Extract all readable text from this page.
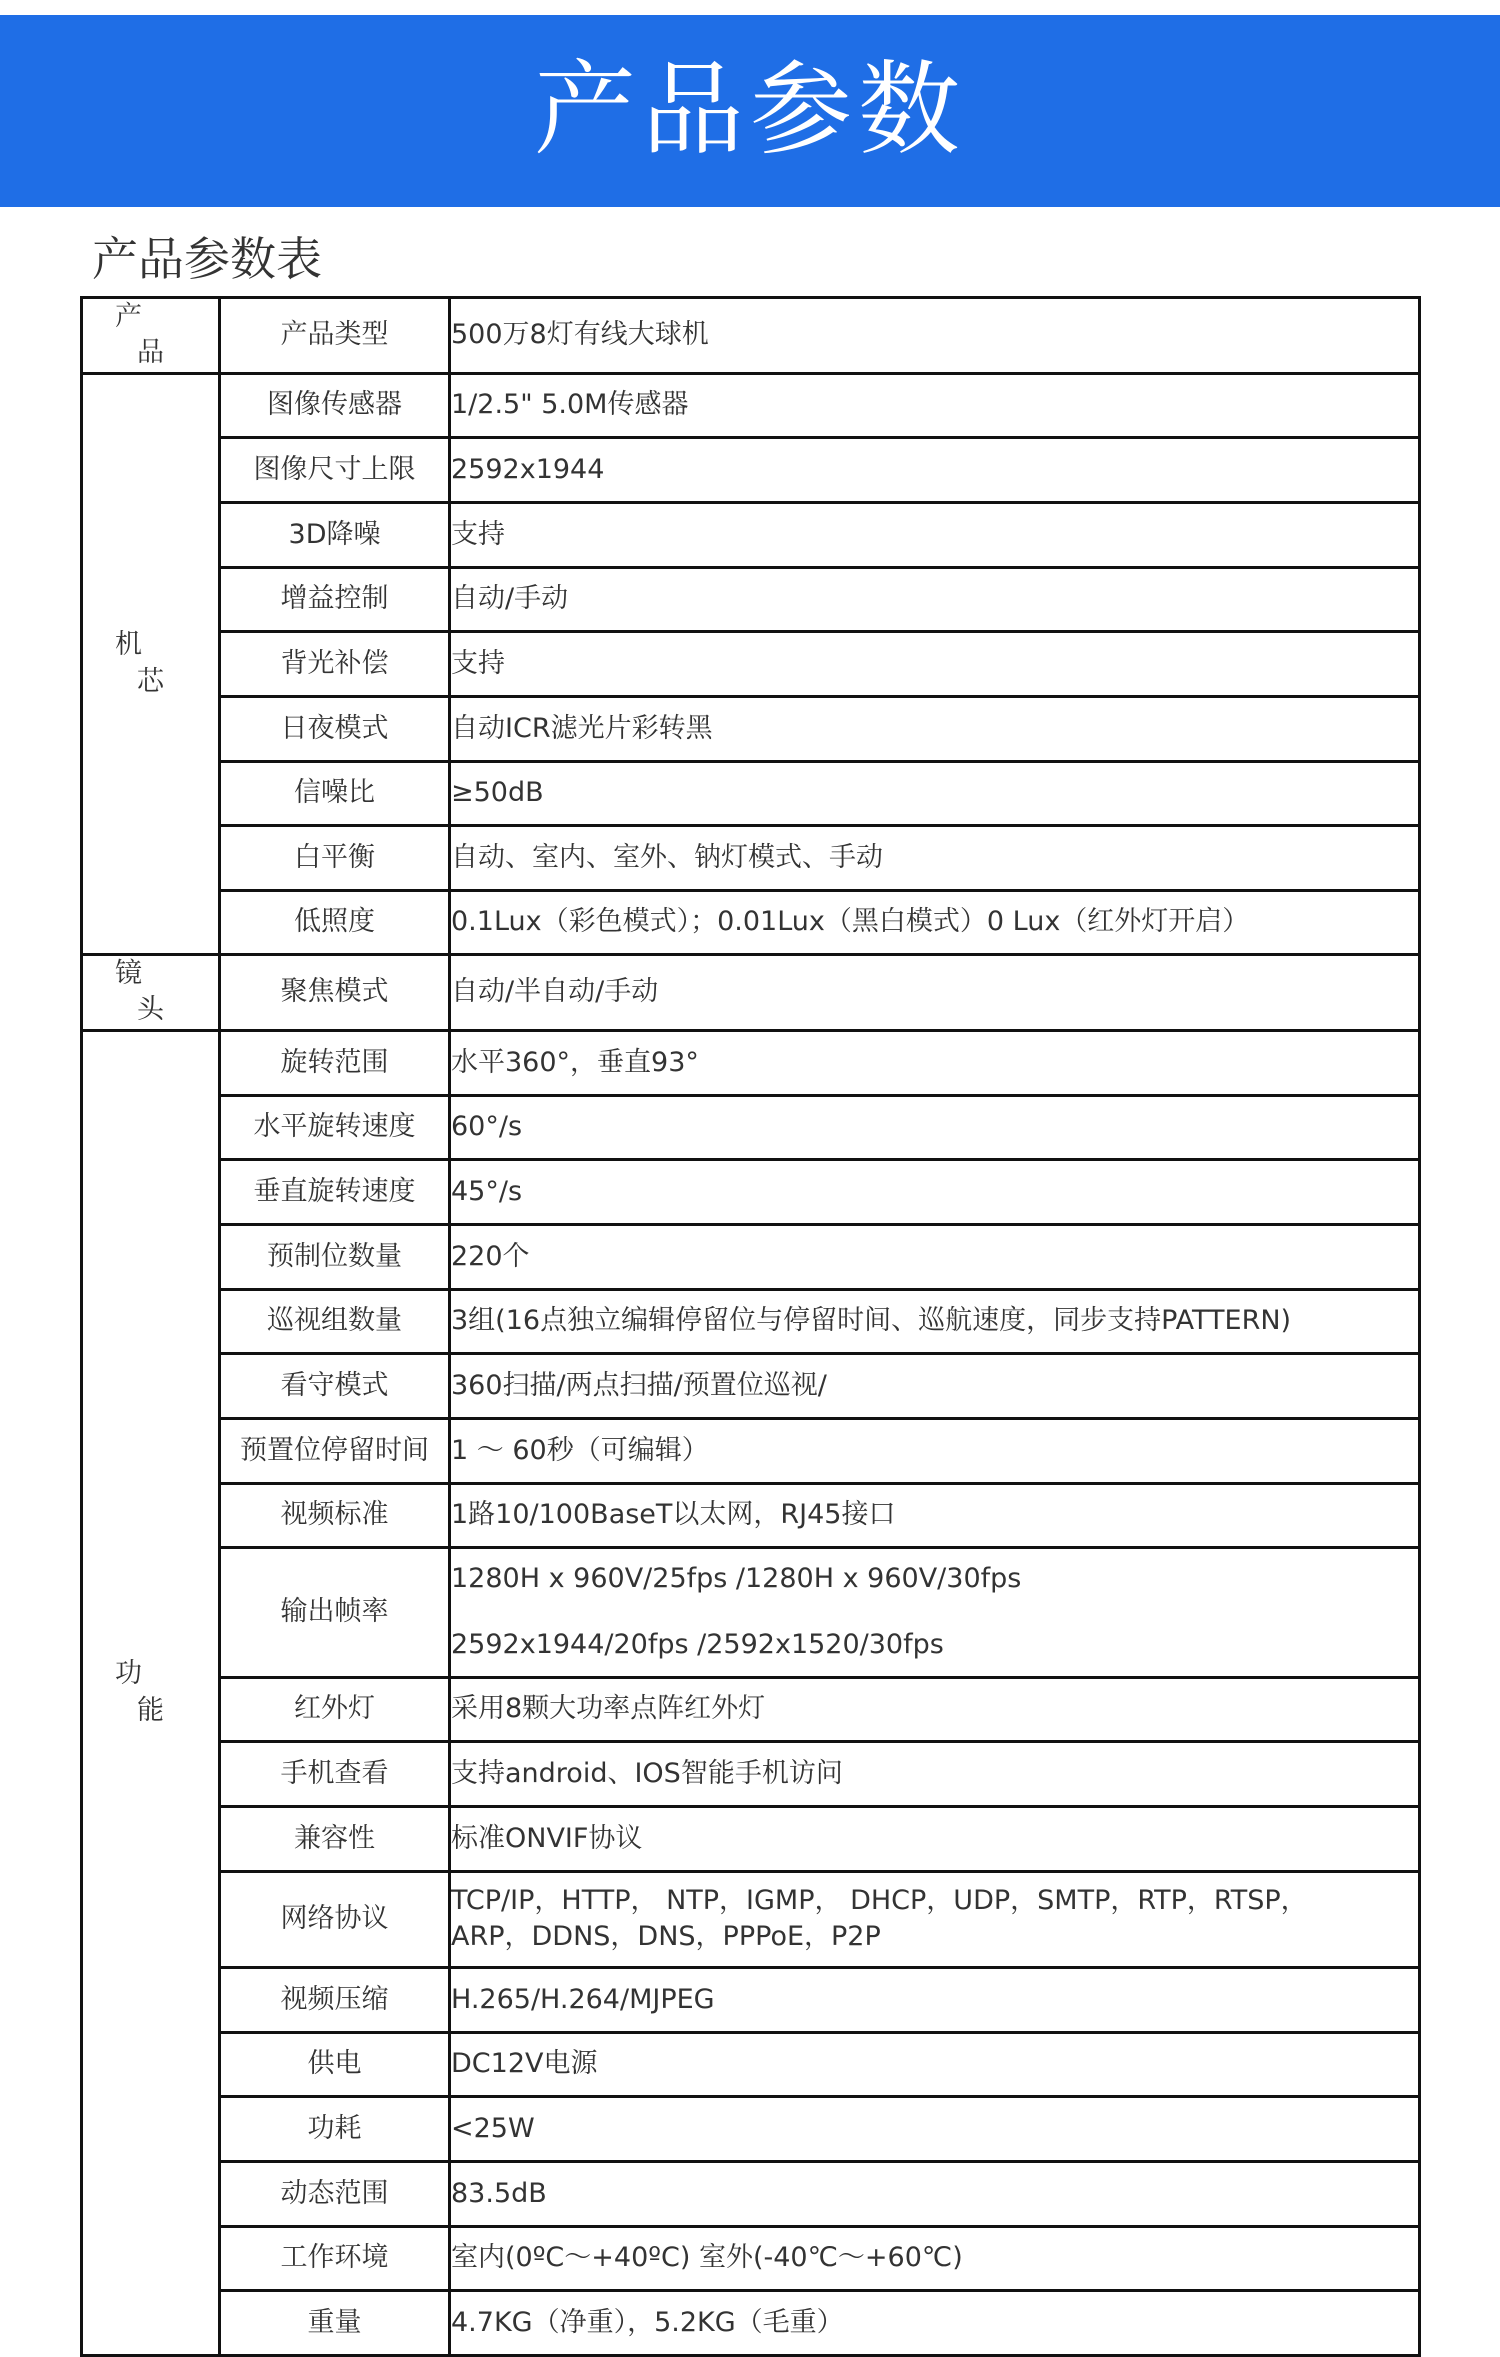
产品参数
产品参数表
产品	产品类型	500万8灯有线大球机

机芯	图像传感器	1/2.5" 5.0M传感器

	图像尺寸上限	2592x1944

	3D降噪	支持

	增益控制	自动/手动

	背光补偿	支持

	日夜模式	自动ICR滤光片彩转黑

	信噪比	≥50dB

	白平衡	自动、室内、室外、钠灯模式、手动

	低照度	0.1Lux（彩色模式）；0.01Lux（黑白模式）0 Lux（红外灯开启）

镜头	聚焦模式	自动/半自动/手动

功能	旋转范围	水平360°，垂直93°

	水平旋转速度	60°/s

	垂直旋转速度	45°/s

	预制位数量	220个

	巡视组数量	3组(16点独立编辑停留位与停留时间、巡航速度，同步支持PATTERN)

	看守模式	360扫描/两点扫描/预置位巡视/

	预置位停留时间	1 ～ 60秒（可编辑）

	视频标准	1路10/100BaseT以太网，RJ45接口

	输出帧率	1280H x 960V/25fps /1280H x 960V/30fps
2592x1944/20fps /2592x1520/30fps

	红外灯	采用8颗大功率点阵红外灯

	手机查看	支持android、IOS智能手机访问

	兼容性	标准ONVIF协议

	网络协议	TCP/IP，HTTP， NTP，IGMP， DHCP，UDP，SMTP，RTP，RTSP，
ARP，DDNS，DNS，PPPoE，P2P

	视频压缩	H.265/H.264/MJPEG

	供电	DC12V电源

	功耗	<25W

	动态范围	83.5dB

	工作环境	室内(0ºC～+40ºC) 室外(-40℃～+60℃)

	重量	4.7KG（净重），5.2KG（毛重）
